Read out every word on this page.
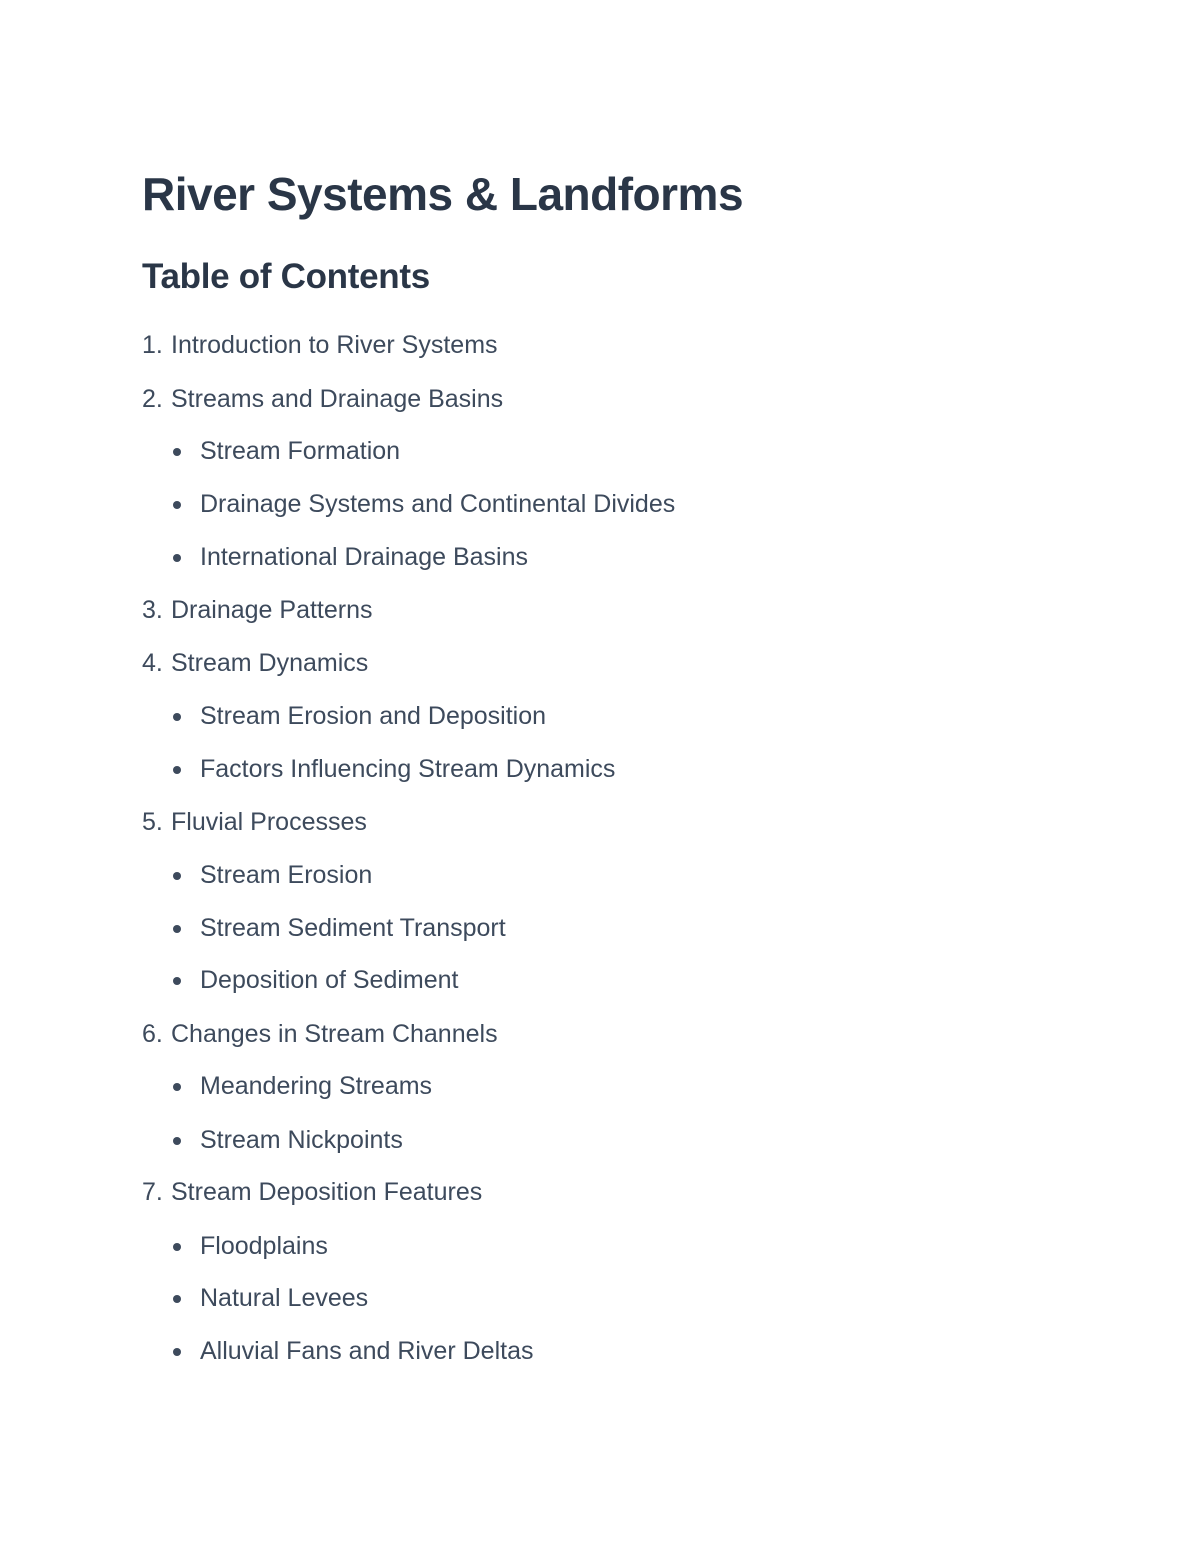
River Systems & Landforms
Table of Contents
1. Introduction to River Systems
2. Streams and Drainage Basins
Stream Formation
Drainage Systems and Continental Divides
International Drainage Basins
3. Drainage Patterns
4. Stream Dynamics
Stream Erosion and Deposition
Factors Influencing Stream Dynamics
5. Fluvial Processes
Stream Erosion
Stream Sediment Transport
Deposition of Sediment
6. Changes in Stream Channels
Meandering Streams
Stream Nickpoints
7. Stream Deposition Features
Floodplains
Natural Levees
Alluvial Fans and River Deltas
